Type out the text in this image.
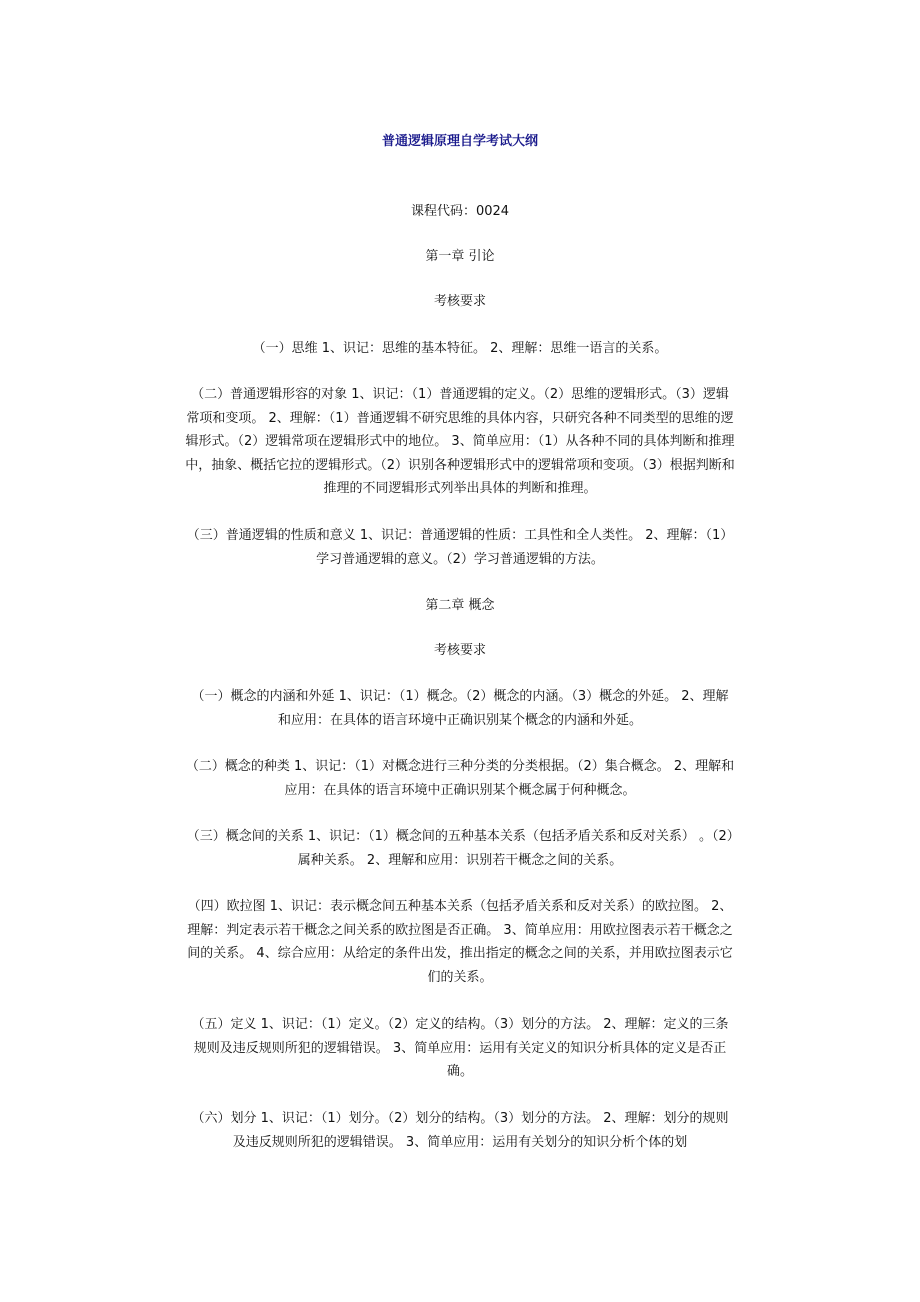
普通逻辑原理自学考试大纲
课程代码：0024
第一章 引论
考核要求
（一）思维 1、识记：思维的基本特征。 2、理解：思维一语言的关系。
（二）普通逻辑形容的对象 1、识记：（1）普通逻辑的定义。（2）思维的逻辑形式。（3）逻辑常项和变项。 2、理解：（1）普通逻辑不研究思维的具体内容，只研究各种不同类型的思维的逻辑形式。（2）逻辑常项在逻辑形式中的地位。 3、简单应用：（1）从各种不同的具体判断和推理中，抽象、概括它拉的逻辑形式。（2）识别各种逻辑形式中的逻辑常项和变项。（3）根据判断和推理的不同逻辑形式列举出具体的判断和推理。
（三）普通逻辑的性质和意义 1、识记：普通逻辑的性质：工具性和全人类性。 2、理解：（1）学习普通逻辑的意义。（2）学习普通逻辑的方法。
第二章 概念
考核要求
（一）概念的内涵和外延 1、识记：（1）概念。（2）概念的内涵。（3）概念的外延。 2、理解和应用：在具体的语言环境中正确识别某个概念的内涵和外延。
（二）概念的种类 1、识记：（1）对概念进行三种分类的分类根据。（2）集合概念。 2、理解和应用：在具体的语言环境中正确识别某个概念属于何种概念。
（三）概念间的关系 1、识记：（1）概念间的五种基本关系（包括矛盾关系和反对关系） 。（2）属种关系。 2、理解和应用：识别若干概念之间的关系。
（四）欧拉图 1、识记：表示概念间五种基本关系（包括矛盾关系和反对关系）的欧拉图。 2、理解：判定表示若干概念之间关系的欧拉图是否正确。 3、简单应用：用欧拉图表示若干概念之间的关系。 4、综合应用：从给定的条件出发，推出指定的概念之间的关系，并用欧拉图表示它们的关系。
（五）定义 1、识记：（1）定义。（2）定义的结构。（3）划分的方法。 2、理解：定义的三条规则及违反规则所犯的逻辑错误。 3、简单应用：运用有关定义的知识分析具体的定义是否正确。
（六）划分 1、识记：（1）划分。（2）划分的结构。（3）划分的方法。 2、理解：划分的规则及违反规则所犯的逻辑错误。 3、简单应用：运用有关划分的知识分析个体的划
